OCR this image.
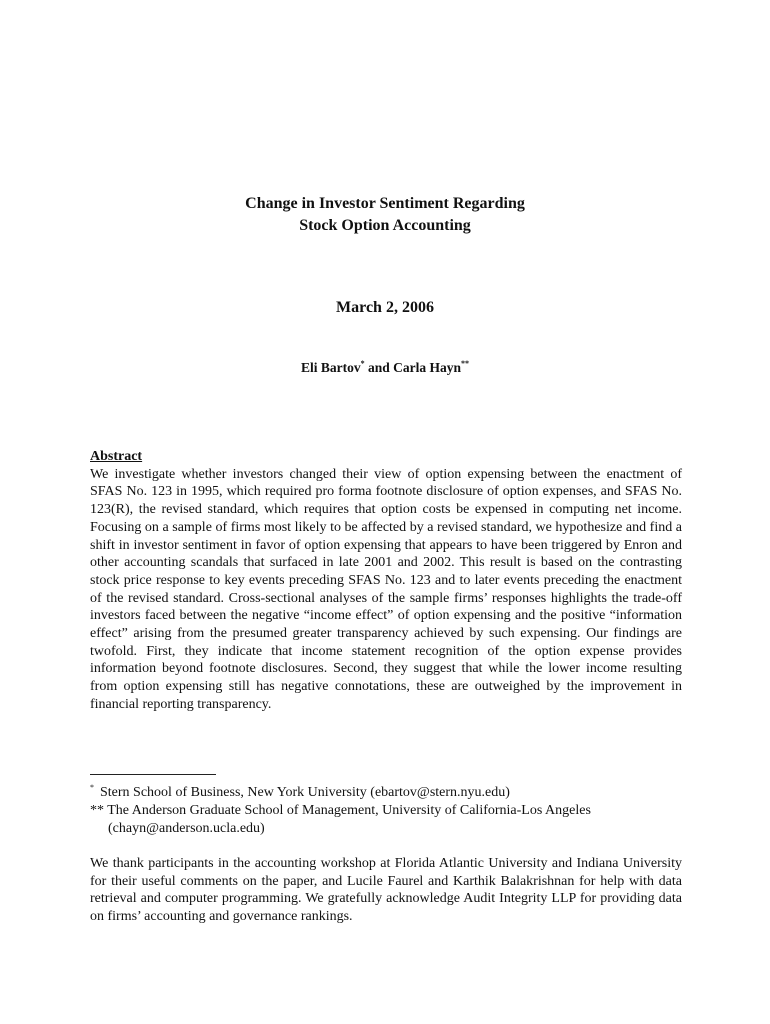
Change in Investor Sentiment Regarding
Stock Option Accounting
March 2, 2006
Eli Bartov* and Carla Hayn**
Abstract

We investigate whether investors changed their view of option expensing between the enactment of SFAS No. 123 in 1995, which required pro forma footnote disclosure of option expenses, and SFAS No. 123(R), the revised standard, which requires that option costs be expensed in computing net income. Focusing on a sample of firms most likely to be affected by a revised standard, we hypothesize and find a shift in investor sentiment in favor of option expensing that appears to have been triggered by Enron and other accounting scandals that surfaced in late 2001 and 2002. This result is based on the contrasting stock price response to key events preceding SFAS No. 123 and to later events preceding the enactment of the revised standard. Cross-sectional analyses of the sample firms’ responses highlights the trade-off investors faced between the negative “income effect” of option expensing and the positive “information effect” arising from the presumed greater transparency achieved by such expensing. Our findings are twofold. First, they indicate that income statement recognition of the option expense provides information beyond footnote disclosures. Second, they suggest that while the lower income resulting from option expensing still has negative connotations, these are outweighed by the improvement in financial reporting transparency.

* Stern School of Business, New York University (ebartov@stern.nyu.edu)
** The Anderson Graduate School of Management, University of California-Los Angeles
(chayn@anderson.ucla.edu)

We thank participants in the accounting workshop at Florida Atlantic University and Indiana University for their useful comments on the paper, and Lucile Faurel and Karthik Balakrishnan for help with data retrieval and computer programming. We gratefully acknowledge Audit Integrity LLP for providing data on firms’ accounting and governance rankings.
